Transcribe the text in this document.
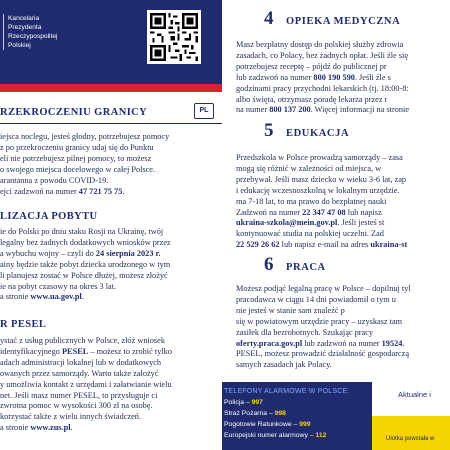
Kancelaria Prezydenta
Rzeczypospolitej
Polskiej
RZEKROCZENIU GRANICY	PL
iejsca noclegu, jesteś głodny, potrzebujesz pomocy
z po przekroczeniu granicy udaj się do Punktu
eli nie potrzebujesz pilnej pomocy, to możesz
o swojego miejsca docelowego w całej Polsce.
arantanna z powodu COVID-19.
ejci zadzwoń na numer 47 721 75 75.
LIZACJA POBYTU
ie do Polski po dniu staku Rosji na Ukrainę, twój
legalny bez żadnych dodatkowych wniosków przez
a wybuchu wojny – czyli do 24 sierpnia 2023 r.
ainy będzie także pobyt dziecka urodzonego w tym
li planujesz zostać w Polsce dłużej, możesz złożyć
ie na pobyt czasowy na okres 3 lat.
a stronie www.ua.gov.pl.
R PESEL
ystać z usług publicznych w Polsce, złóż wniosek
identyfikacyjnego PESEL – możesz to zrobić tylko
adach administracji lokalnej lub w dodatkowych
owanych przez samorządy. Warto także założyć
y umożliwia kontakt z urzędami i załatwianie wielu
net. Jeśli masz numer PESEL, to przysługuje ci
zwrotna pomoc w wysokości 300 zł na osobę.
korzystać także z wielu innych świadczeń.
a stronie www.zus.pl.
4 OPIEKA MEDYCZNA
Masz bezpłatny dostęp do polskiej służby zdrowia
zasadach, co Polacy, bez żadnych opłat. Jeśli źle się
potrzebujesz receptę – pójdź do publicznej pr
lub zadzwoń na numer 800 190 590. Jeśli źle s
godzinami pracy przychodni lekarskich (tj. 18:00-8:
albo święta, otrzymasz poradę lekarza przez t
na numer 800 137 200. Więcej informacji na stronie
5 EDUKACJA
Przedszkola w Polsce prowadzą samorządy – zasa
mogą się różnić w zależności od miejsca, w
przebywał. Jeśli masz dziecko w wieku 3-6 lat, zap
i edukację wczesnoszkolną w lokalnym urzędzie.
ma 7-18 lat, to ma prawo do bezpłatnej nauki
Zadzwoń na numer 22 347 47 08 lub napisz
ukraina-szkola@mein.gov.pl. Jeśli jesteś st
kontynuować studia na polskiej uczelni. Zad
22 529 26 62 lub napisz e-mail na adres ukraina-st
6 PRACA
Możesz podjąć legalną pracę w Polsce – dopilnuj tyl
pracodawca w ciągu 14 dni powiadomił o tym u
nie jesteś w stanie sam znaleźć p
się w powiatowym urzędzie pracy – uzyskasz tam
zasiłek dla bezrobotnych. Szukając pracy
oferty.praca.gov.pl lub zadzwoń na numer 19524.
PESEL, możesz prowadzić działalność gospodarczą
samych zasadach jak Polacy.
TELEFONY ALARMOWE W POLSCE:
Policja – 997
Straż Pożarna – 998
Pogotowie Ratunkowe – 999
Europejski numer alarmowy – 112
Aktualne i
Ulotka powstała w
